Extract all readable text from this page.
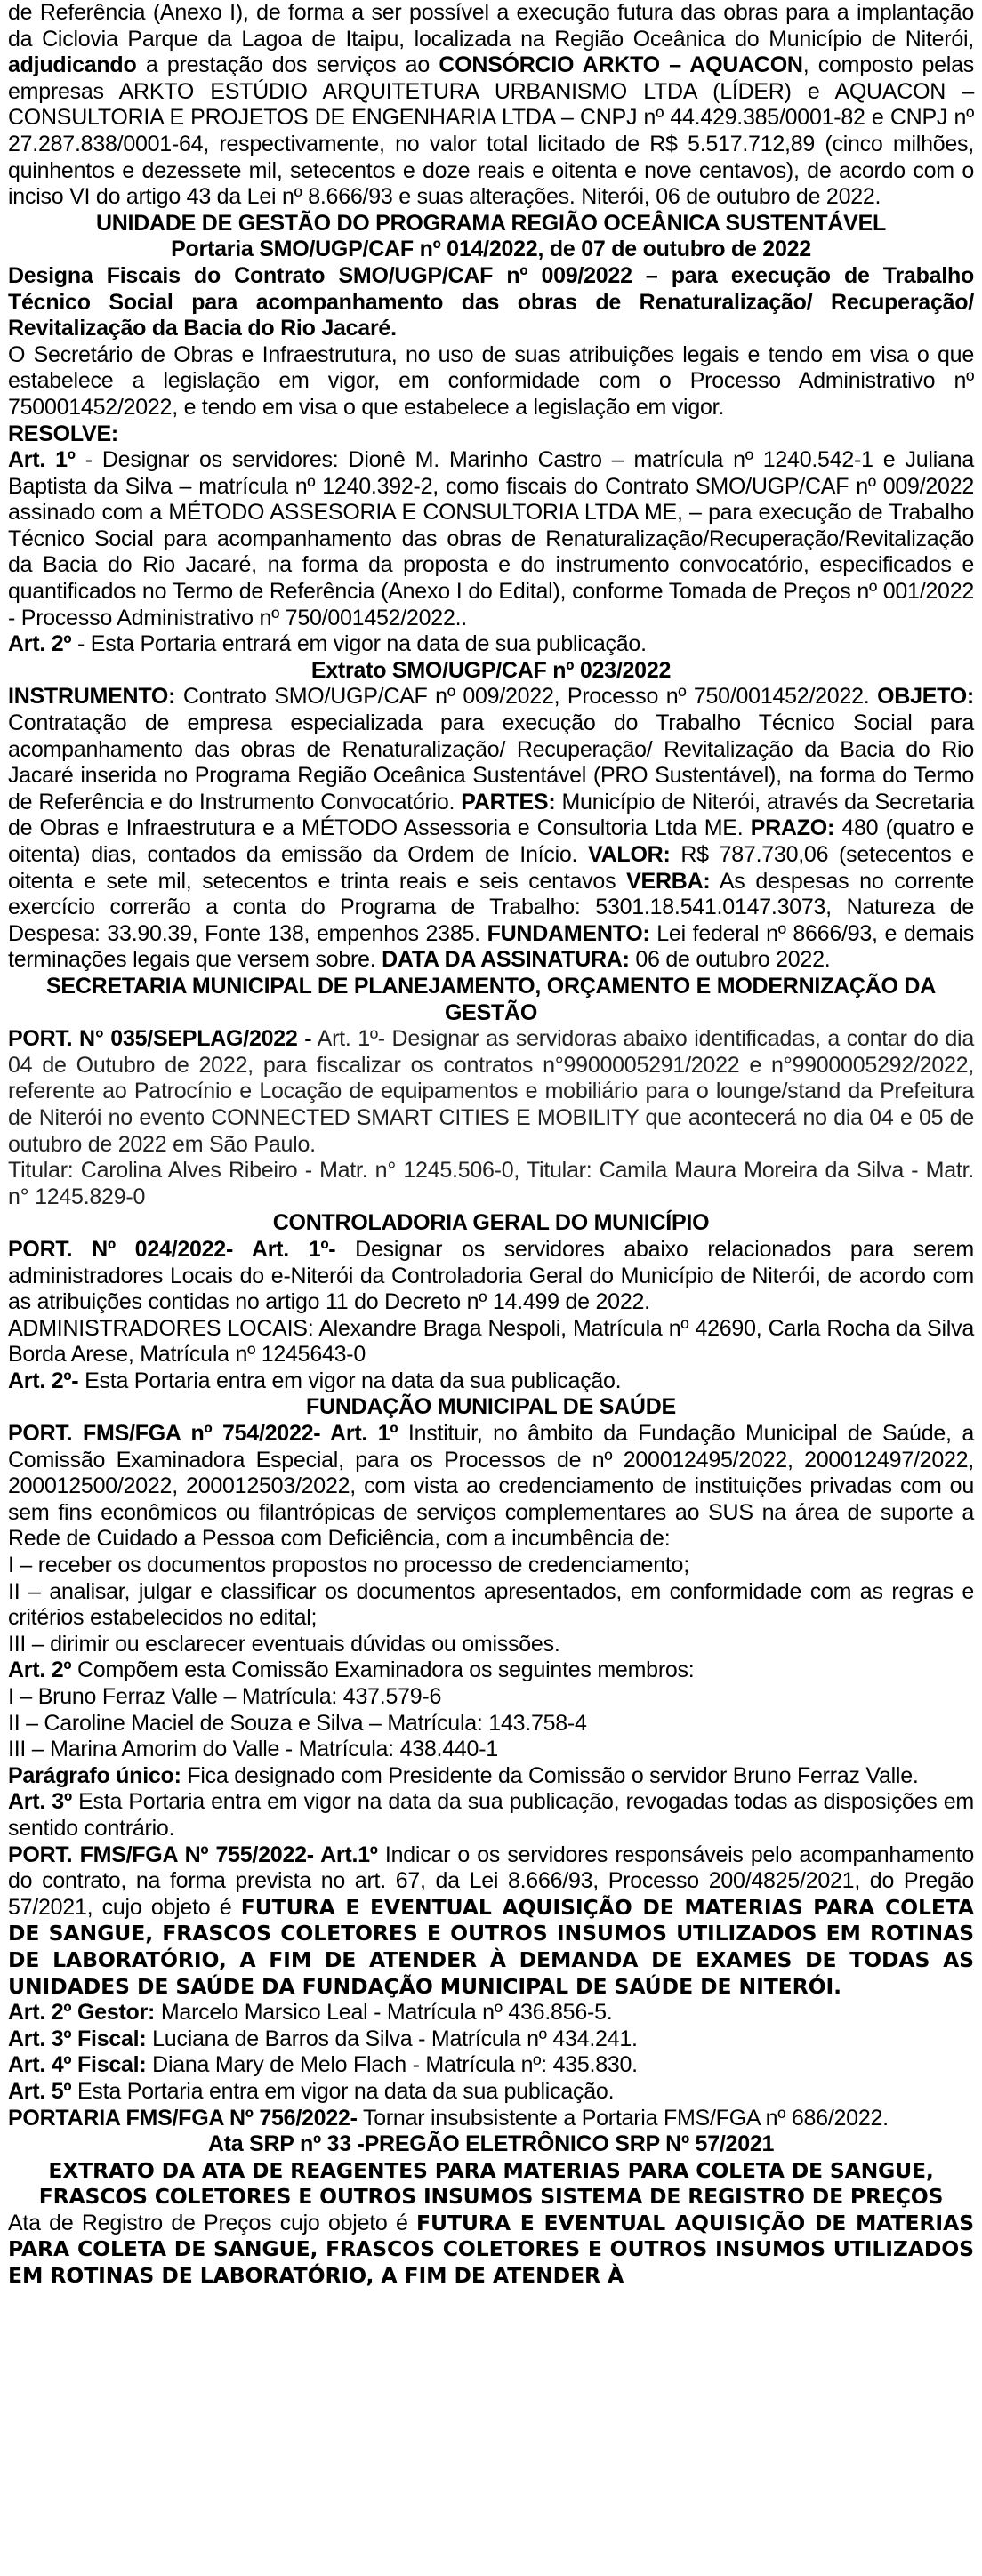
de Referência (Anexo I), de forma a ser possível a execução futura das obras para a implantação da Ciclovia Parque da Lagoa de Itaipu, localizada na Região Oceânica do Município de Niterói, adjudicando a prestação dos serviços ao CONSÓRCIO ARKTO – AQUACON, composto pelas empresas ARKTO ESTÚDIO ARQUITETURA URBANISMO LTDA (LÍDER) e AQUACON – CONSULTORIA E PROJETOS DE ENGENHARIA LTDA – CNPJ nº 44.429.385/0001-82 e CNPJ nº 27.287.838/0001-64, respectivamente, no valor total licitado de R$ 5.517.712,89 (cinco milhões, quinhentos e dezessete mil, setecentos e doze reais e oitenta e nove centavos), de acordo com o inciso VI do artigo 43 da Lei nº 8.666/93 e suas alterações. Niterói, 06 de outubro de 2022.

UNIDADE DE GESTÃO DO PROGRAMA REGIÃO OCEÂNICA SUSTENTÁVEL

Portaria SMO/UGP/CAF nº 014/2022, de 07 de outubro de 2022

Designa Fiscais do Contrato SMO/UGP/CAF nº 009/2022 – para execução de Trabalho Técnico Social para acompanhamento das obras de Renaturalização/ Recuperação/ Revitalização da Bacia do Rio Jacaré.

O Secretário de Obras e Infraestrutura, no uso de suas atribuições legais e tendo em visa o que estabelece a legislação em vigor, em conformidade com o Processo Administrativo nº 750001452/2022, e tendo em visa o que estabelece a legislação em vigor.

RESOLVE:

Art. 1º - Designar os servidores: Dionê M. Marinho Castro – matrícula nº 1240.542-1 e Juliana Baptista da Silva – matrícula nº 1240.392-2, como fiscais do Contrato SMO/UGP/CAF nº 009/2022 assinado com a MÉTODO ASSESORIA E CONSULTORIA LTDA ME, – para execução de Trabalho Técnico Social para acompanhamento das obras de Renaturalização/Recuperação/Revitalização da Bacia do Rio Jacaré, na forma da proposta e do instrumento convocatório, especificados e quantificados no Termo de Referência (Anexo I do Edital), conforme Tomada de Preços nº 001/2022 - Processo Administrativo nº 750/001452/2022..

Art. 2º - Esta Portaria entrará em vigor na data de sua publicação.

Extrato SMO/UGP/CAF nº 023/2022

INSTRUMENTO: Contrato SMO/UGP/CAF nº 009/2022, Processo nº 750/001452/2022. OBJETO: Contratação de empresa especializada para execução do Trabalho Técnico Social para acompanhamento das obras de Renaturalização/ Recuperação/ Revitalização da Bacia do Rio Jacaré inserida no Programa Região Oceânica Sustentável (PRO Sustentável), na forma do Termo de Referência e do Instrumento Convocatório. PARTES: Município de Niterói, através da Secretaria de Obras e Infraestrutura e a MÉTODO Assessoria e Consultoria Ltda ME. PRAZO: 480 (quatro e oitenta) dias, contados da emissão da Ordem de Início. VALOR: R$ 787.730,06 (setecentos e oitenta e sete mil, setecentos e trinta reais e seis centavos VERBA: As despesas no corrente exercício correrão a conta do Programa de Trabalho: 5301.18.541.0147.3073, Natureza de Despesa: 33.90.39, Fonte 138, empenhos 2385. FUNDAMENTO: Lei federal nº 8666/93, e demais terminações legais que versem sobre. DATA DA ASSINATURA: 06 de outubro 2022.

SECRETARIA MUNICIPAL DE PLANEJAMENTO, ORÇAMENTO E MODERNIZAÇÃO DA GESTÃO

PORT. N° 035/SEPLAG/2022 - Art. 1º- Designar as servidoras abaixo identificadas, a contar do dia 04 de Outubro de 2022, para fiscalizar os contratos n°9900005291/2022 e n°9900005292/2022, referente ao Patrocínio e Locação de equipamentos e mobiliário para o lounge/stand da Prefeitura de Niterói no evento CONNECTED SMART CITIES E MOBILITY que acontecerá no dia 04 e 05 de outubro de 2022 em São Paulo.

Titular: Carolina Alves Ribeiro - Matr. n° 1245.506-0, Titular: Camila Maura Moreira da Silva - Matr. n° 1245.829-0

CONTROLADORIA GERAL DO MUNICÍPIO

PORT. Nº 024/2022- Art. 1º- Designar os servidores abaixo relacionados para serem administradores Locais do e-Niterói da Controladoria Geral do Município de Niterói, de acordo com as atribuições contidas no artigo 11 do Decreto nº 14.499 de 2022.

ADMINISTRADORES LOCAIS: Alexandre Braga Nespoli, Matrícula nº 42690, Carla Rocha da Silva Borda Arese, Matrícula nº 1245643-0

Art. 2º- Esta Portaria entra em vigor na data da sua publicação.

FUNDAÇÃO MUNICIPAL DE SAÚDE

PORT. FMS/FGA nº 754/2022- Art. 1º Instituir, no âmbito da Fundação Municipal de Saúde, a Comissão Examinadora Especial, para os Processos de nº 200012495/2022, 200012497/2022, 200012500/2022, 200012503/2022, com vista ao credenciamento de instituições privadas com ou sem fins econômicos ou filantrópicas de serviços complementares ao SUS na área de suporte a Rede de Cuidado a Pessoa com Deficiência, com a incumbência de:

I – receber os documentos propostos no processo de credenciamento;

II – analisar, julgar e classificar os documentos apresentados, em conformidade com as regras e critérios estabelecidos no edital;

III – dirimir ou esclarecer eventuais dúvidas ou omissões.

Art. 2º Compõem esta Comissão Examinadora os seguintes membros:

I – Bruno Ferraz Valle – Matrícula: 437.579-6

II – Caroline Maciel de Souza e Silva – Matrícula: 143.758-4

III – Marina Amorim do Valle - Matrícula: 438.440-1

Parágrafo único: Fica designado com Presidente da Comissão o servidor Bruno Ferraz Valle.

Art. 3º Esta Portaria entra em vigor na data da sua publicação, revogadas todas as disposições em sentido contrário.

PORT. FMS/FGA Nº 755/2022- Art.1º Indicar o os servidores responsáveis pelo acompanhamento do contrato, na forma prevista no art. 67, da Lei 8.666/93, Processo 200/4825/2021, do Pregão 57/2021, cujo objeto é FUTURA E EVENTUAL AQUISIÇÃO DE MATERIAS PARA COLETA DE SANGUE, FRASCOS COLETORES E OUTROS INSUMOS UTILIZADOS EM ROTINAS DE LABORATÓRIO, A FIM DE ATENDER À DEMANDA DE EXAMES DE TODAS AS UNIDADES DE SAÚDE DA FUNDAÇÃO MUNICIPAL DE SAÚDE DE NITERÓI.

Art. 2º Gestor: Marcelo Marsico Leal - Matrícula nº 436.856-5.

Art. 3º Fiscal: Luciana de Barros da Silva - Matrícula nº 434.241.

Art. 4º Fiscal: Diana Mary de Melo Flach - Matrícula nº: 435.830.

Art. 5º Esta Portaria entra em vigor na data da sua publicação.

PORTARIA FMS/FGA Nº 756/2022- Tornar insubsistente a Portaria FMS/FGA nº 686/2022.

Ata SRP nº 33 -PREGÃO ELETRÔNICO SRP Nº 57/2021

EXTRATO DA ATA DE REAGENTES PARA MATERIAS PARA COLETA DE SANGUE, FRASCOS COLETORES E OUTROS INSUMOS SISTEMA DE REGISTRO DE PREÇOS

Ata de Registro de Preços cujo objeto é FUTURA E EVENTUAL AQUISIÇÃO DE MATERIAS PARA COLETA DE SANGUE, FRASCOS COLETORES E OUTROS INSUMOS UTILIZADOS EM ROTINAS DE LABORATÓRIO, A FIM DE ATENDER À
